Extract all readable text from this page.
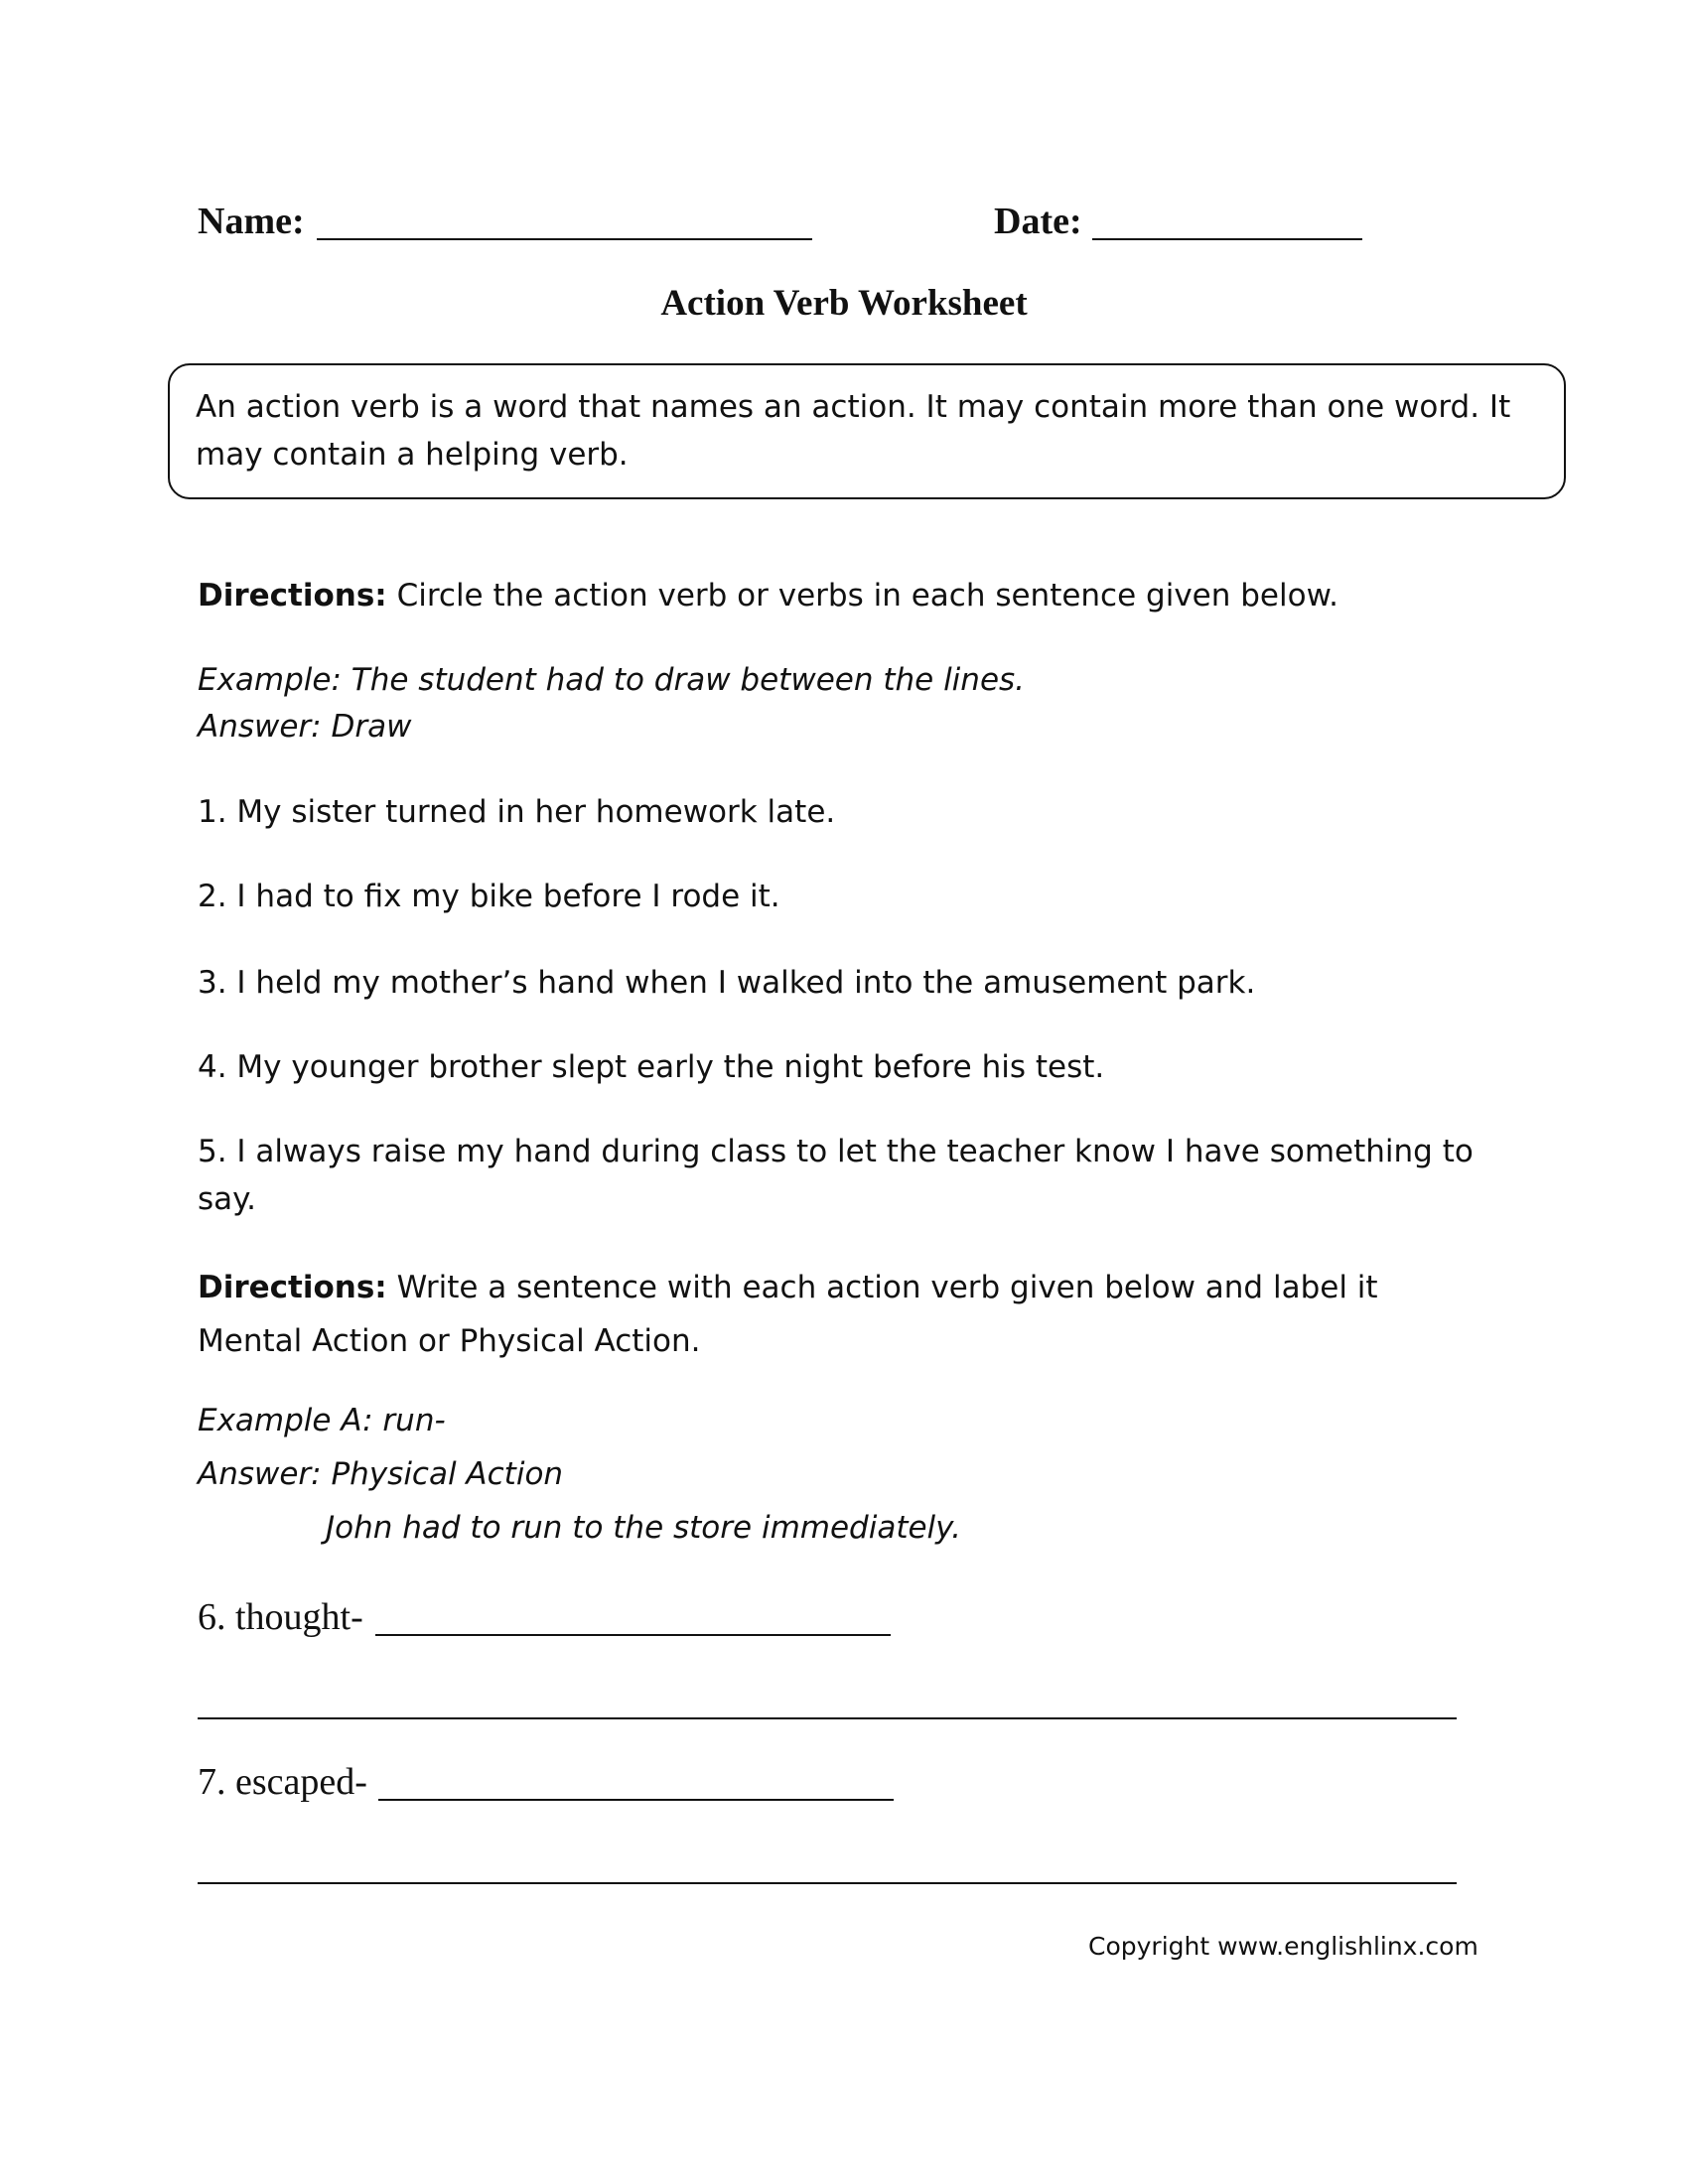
Name:	Date:
Action Verb Worksheet
An action verb is a word that names an action. It may contain more than one word. It may contain a helping verb.
Directions: Circle the action verb or verbs in each sentence given below.
Example: The student had to draw between the lines.
Answer: Draw
1. My sister turned in her homework late.
2. I had to fix my bike before I rode it.
3. I held my mother’s hand when I walked into the amusement park.
4. My younger brother slept early the night before his test.
5. I always raise my hand during class to let the teacher know I have something to say.
Directions: Write a sentence with each action verb given below and label it Mental Action or Physical Action.
Example A: run-
Answer: Physical Action
John had to run to the store immediately.
6. thought-
7. escaped-
Copyright www.englishlinx.com
